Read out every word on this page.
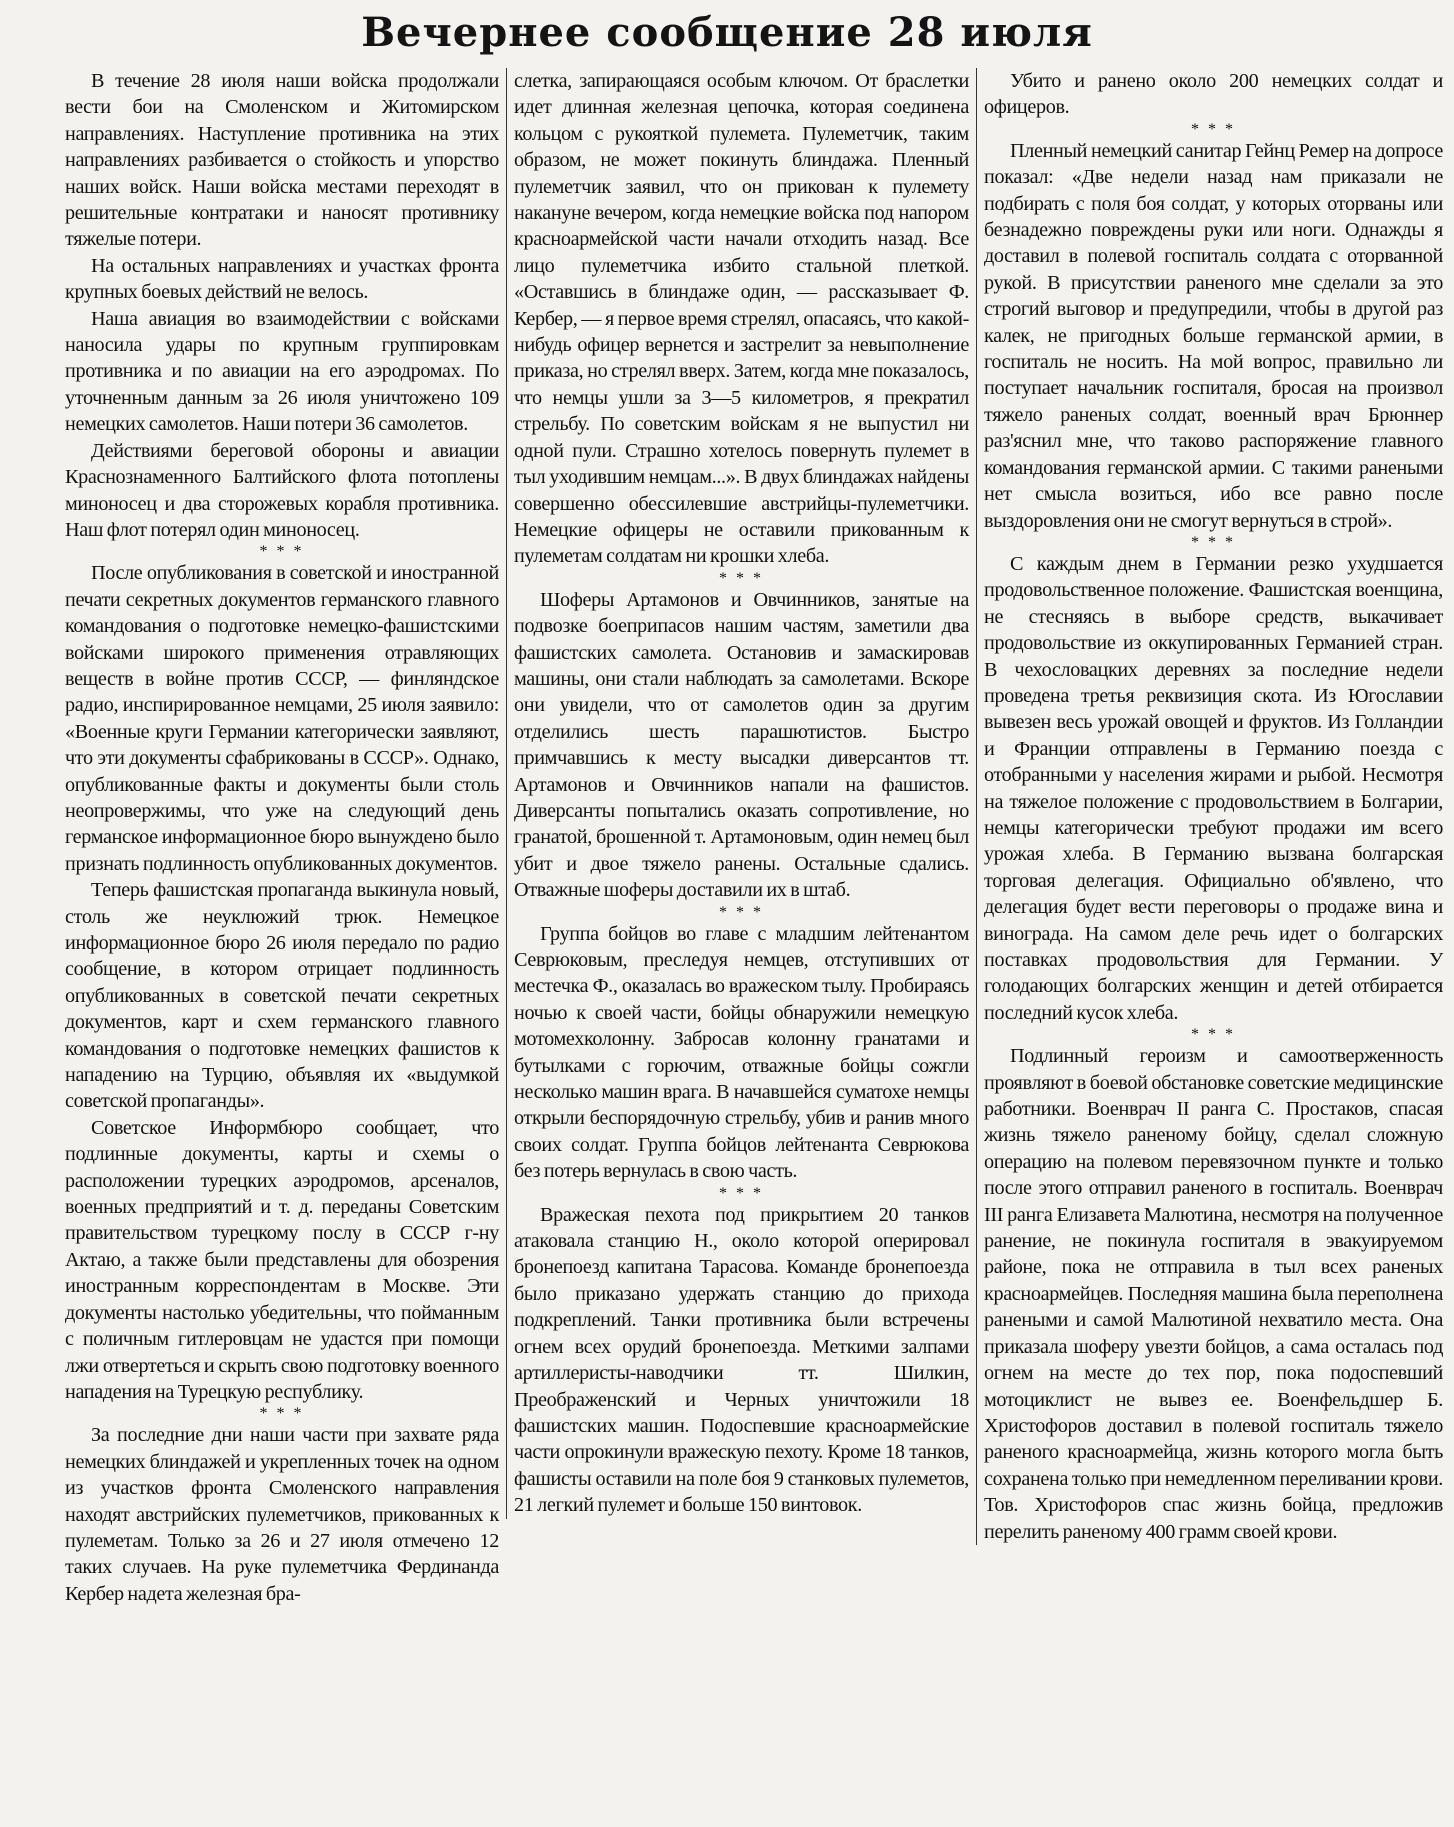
Вечернее сообщение 28 июля

В течение 28 июля наши войска продолжали вести бои на Смоленском и Житомирском направлениях. Наступление противника на этих направлениях разбивается о стойкость и упорство наших войск. Наши войска местами переходят в решительные контратаки и наносят противнику тяжелые потери.

На остальных направлениях и участках фронта крупных боевых действий не велось.

Наша авиация во взаимодействии с войсками наносила удары по крупным группировкам противника и по авиации на его аэродромах. По уточненным данным за 26 июля уничтожено 109 немецких самолетов. Наши потери 36 самолетов.

Действиями береговой обороны и авиации Краснознаменного Балтийского флота потоплены миноносец и два сторожевых корабля противника. Наш флот потерял один миноносец.

* * *

После опубликования в советской и иностранной печати секретных документов германского главного командования о подготовке немецко-фашистскими войсками широкого применения отравляющих веществ в войне против СССР, — финляндское радио, инспирированное немцами, 25 июля заявило: «Военные круги Германии категорически заявляют, что эти документы сфабрикованы в СССР». Однако, опубликованные факты и документы были столь неопровержимы, что уже на следующий день германское информационное бюро вынуждено было признать подлинность опубликованных документов.

Теперь фашистская пропаганда выкинула новый, столь же неуклюжий трюк. Немецкое информационное бюро 26 июля передало по радио сообщение, в котором отрицает подлинность опубликованных в советской печати секретных документов, карт и схем германского главного командования о подготовке немецких фашистов к нападению на Турцию, объявляя их «выдумкой советской пропаганды».

Советское Информбюро сообщает, что подлинные документы, карты и схемы о расположении турецких аэродромов, арсеналов, военных предприятий и т. д. переданы Советским правительством турецкому послу в СССР г-ну Актаю, а также были представлены для обозрения иностранным корреспондентам в Москве. Эти документы настолько убедительны, что пойманным с поличным гитлеровцам не удастся при помощи лжи отвертеться и скрыть свою подготовку военного нападения на Турецкую республику.

* * *

За последние дни наши части при захвате ряда немецких блиндажей и укрепленных точек на одном из участков фронта Смоленского направления находят австрийских пулеметчиков, прикованных к пулеметам. Только за 26 и 27 июля отмечено 12 таких случаев. На руке пулеметчика Фердинанда Кербер надета железная бра-

слетка, запирающаяся особым ключом. От браслетки идет длинная железная цепочка, которая соединена кольцом с рукояткой пулемета. Пулеметчик, таким образом, не может покинуть блиндажа. Пленный пулеметчик заявил, что он прикован к пулемету накануне вечером, когда немецкие войска под напором красноармейской части начали отходить назад. Все лицо пулеметчика избито стальной плеткой. «Оставшись в блиндаже один, — рассказывает Ф. Кербер, — я первое время стрелял, опасаясь, что какой-нибудь офицер вернется и застрелит за невыполнение приказа, но стрелял вверх. Затем, когда мне показалось, что немцы ушли за 3—5 километров, я прекратил стрельбу. По советским войскам я не выпустил ни одной пули. Страшно хотелось повернуть пулемет в тыл уходившим немцам...». В двух блиндажах найдены совершенно обессилевшие австрийцы-пулеметчики. Немецкие офицеры не оставили прикованным к пулеметам солдатам ни крошки хлеба.

* * *

Шоферы Артамонов и Овчинников, занятые на подвозке боеприпасов нашим частям, заметили два фашистских самолета. Остановив и замаскировав машины, они стали наблюдать за самолетами. Вскоре они увидели, что от самолетов один за другим отделились шесть парашютистов. Быстро примчавшись к месту высадки диверсантов тт. Артамонов и Овчинников напали на фашистов. Диверсанты попытались оказать сопротивление, но гранатой, брошенной т. Артамоновым, один немец был убит и двое тяжело ранены. Остальные сдались. Отважные шоферы доставили их в штаб.

* * *

Группа бойцов во главе с младшим лейтенантом Севрюковым, преследуя немцев, отступивших от местечка Ф., оказалась во вражеском тылу. Пробираясь ночью к своей части, бойцы обнаружили немецкую мотомехколонну. Забросав колонну гранатами и бутылками с горючим, отважные бойцы сожгли несколько машин врага. В начавшейся суматохе немцы открыли беспорядочную стрельбу, убив и ранив много своих солдат. Группа бойцов лейтенанта Севрюкова без потерь вернулась в свою часть.

* * *

Вражеская пехота под прикрытием 20 танков атаковала станцию Н., около которой оперировал бронепоезд капитана Тарасова. Команде бронепоезда было приказано удержать станцию до прихода подкреплений. Танки противника были встречены огнем всех орудий бронепоезда. Меткими залпами артиллеристы-наводчики тт. Шилкин, Преображенский и Черных уничтожили 18 фашистских машин. Подоспевшие красноармейские части опрокинули вражескую пехоту. Кроме 18 танков, фашисты оставили на поле боя 9 станковых пулеметов, 21 легкий пулемет и больше 150 винтовок.

Убито и ранено около 200 немецких солдат и офицеров.

* * *

Пленный немецкий санитар Гейнц Ремер на допросе показал: «Две недели назад нам приказали не подбирать с поля боя солдат, у которых оторваны или безнадежно повреждены руки или ноги. Однажды я доставил в полевой госпиталь солдата с оторванной рукой. В присутствии раненого мне сделали за это строгий выговор и предупредили, чтобы в другой раз калек, не пригодных больше германской армии, в госпиталь не носить. На мой вопрос, правильно ли поступает начальник госпиталя, бросая на произвол тяжело раненых солдат, военный врач Брюннер раз'яснил мне, что таково распоряжение главного командования германской армии. С такими ранеными нет смысла возиться, ибо все равно после выздоровления они не смогут вернуться в строй».

* * *

С каждым днем в Германии резко ухудшается продовольственное положение. Фашистская военщина, не стесняясь в выборе средств, выкачивает продовольствие из оккупированных Германией стран. В чехословацких деревнях за последние недели проведена третья реквизиция скота. Из Югославии вывезен весь урожай овощей и фруктов. Из Голландии и Франции отправлены в Германию поезда с отобранными у населения жирами и рыбой. Несмотря на тяжелое положение с продовольствием в Болгарии, немцы категорически требуют продажи им всего урожая хлеба. В Германию вызвана болгарская торговая делегация. Официально об'явлено, что делегация будет вести переговоры о продаже вина и винограда. На самом деле речь идет о болгарских поставках продовольствия для Германии. У голодающих болгарских женщин и детей отбирается последний кусок хлеба.

* * *

Подлинный героизм и самоотверженность проявляют в боевой обстановке советские медицинские работники. Военврач II ранга С. Простаков, спасая жизнь тяжело раненому бойцу, сделал сложную операцию на полевом перевязочном пункте и только после этого отправил раненого в госпиталь. Военврач III ранга Елизавета Малютина, несмотря на полученное ранение, не покинула госпиталя в эвакуируемом районе, пока не отправила в тыл всех раненых красноармейцев. Последняя машина была переполнена ранеными и самой Малютиной нехватило места. Она приказала шоферу увезти бойцов, а сама осталась под огнем на месте до тех пор, пока подоспевший мотоциклист не вывез ее. Военфельдшер Б. Христофоров доставил в полевой госпиталь тяжело раненого красноармейца, жизнь которого могла быть сохранена только при немедленном переливании крови. Тов. Христофоров спас жизнь бойца, предложив перелить раненому 400 грамм своей крови.
